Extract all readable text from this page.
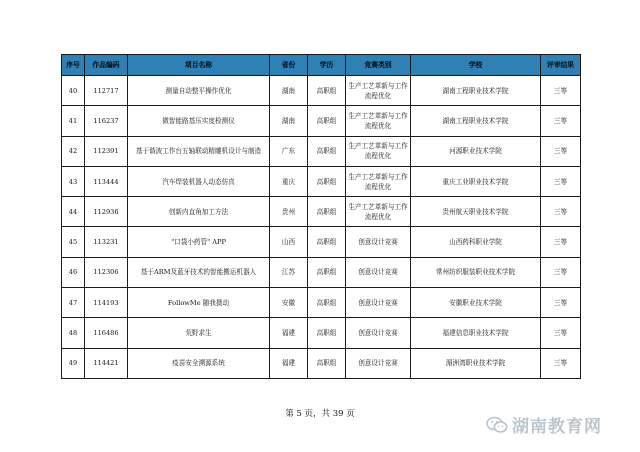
序号	作品编码	项目名称	省份	学历	竞赛类别	学校	评审结果
40	112717	测量自动整平操作优化	湖南	高职组	生产工艺革新与工作流程优化	湖南工程职业技术学院	三等
41	116237	微智能路基压实度检测仪	湖南	高职组	生产工艺革新与工作流程优化	湖南工程职业技术学院	三等
42	112391	基于谐波工作台五轴联动精雕机设计与制造	广东	高职组	生产工艺革新与工作流程优化	河源职业技术学院	三等
43	113444	汽车焊装机器人动态仿真	重庆	高职组	生产工艺革新与工作流程优化	重庆工业职业技术学院	三等
44	112936	创新内直角加工方法	贵州	高职组	生产工艺革新与工作流程优化	贵州航天职业技术学院	三等
45	113231	"口袋小药管" APP	山西	高职组	创意设计竞赛	山西药科职业学院	三等
46	112306	基于ARM及蓝牙技术的智能搬运机器人	江苏	高职组	创意设计竞赛	常州纺织服装职业技术学院	三等
47	114193	FollowMe 随我摄动	安徽	高职组	创意设计竞赛	安徽职业技术学院	三等
48	116486	荒野求生	福建	高职组	创意设计竞赛	福建信息职业技术学院	三等
49	114421	疫苗安全溯源系统	福建	高职组	创意设计竞赛	湄洲湾职业技术学院	三等
第 5 页，共 39 页
湖南教育网
